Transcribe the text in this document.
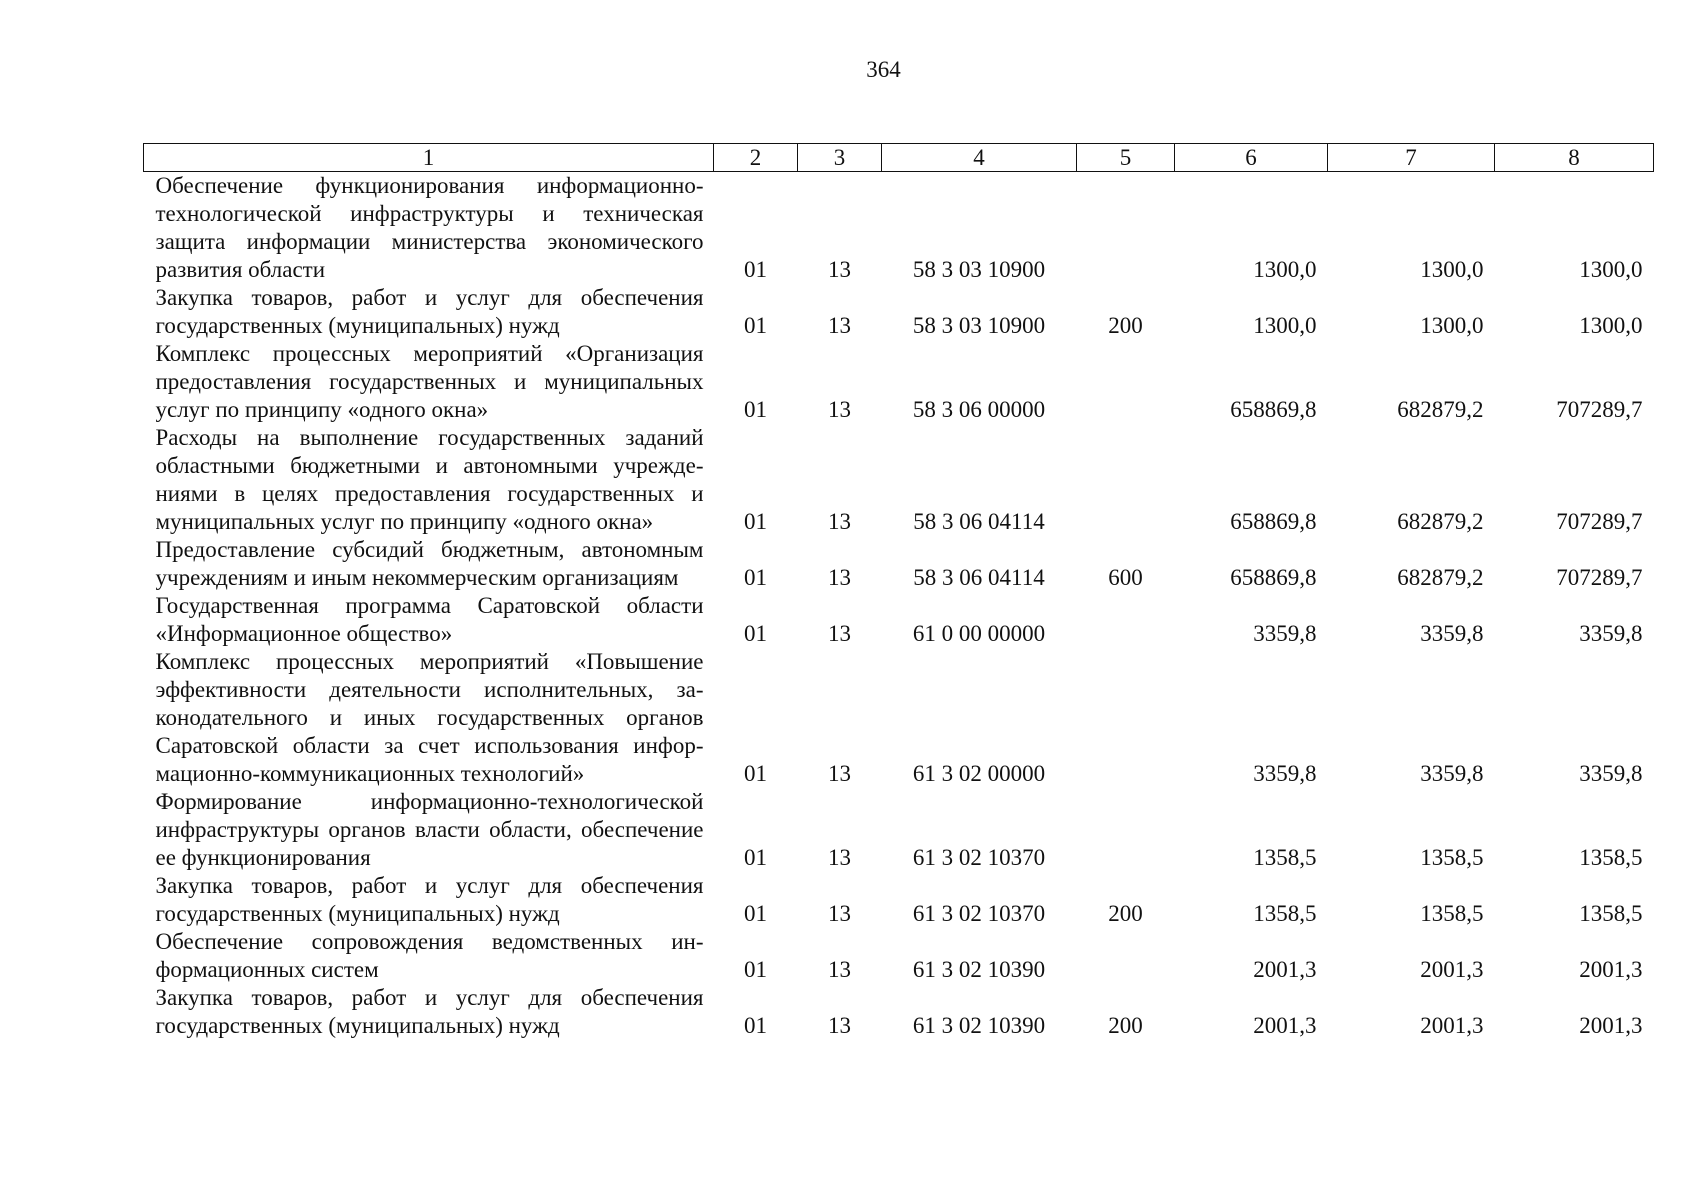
364
1	2	3	4	5	6	7	8
Обеспечение функционирования информационно-технологической инфраструктуры и техническая защита информации министерства экономического развития области	01	13	58 3 03 10900		1300,0	1300,0	1300,0
Закупка товаров, работ и услуг для обеспечения государственных (муниципальных) нужд	01	13	58 3 03 10900	200	1300,0	1300,0	1300,0
Комплекс процессных мероприятий «Организация предоставления государственных и муниципальных услуг по принципу «одного окна»	01	13	58 3 06 00000		658869,8	682879,2	707289,7
Расходы на выполнение государственных заданий областными бюджетными и автономными учреждениями в целях предоставления государственных и муниципальных услуг по принципу «одного окна»	01	13	58 3 06 04114		658869,8	682879,2	707289,7
Предоставление субсидий бюджетным, автономным учреждениям и иным некоммерческим организациям	01	13	58 3 06 04114	600	658869,8	682879,2	707289,7
Государственная программа Саратовской области «Информационное общество»	01	13	61 0 00 00000		3359,8	3359,8	3359,8
Комплекс процессных мероприятий «Повышение эффективности деятельности исполнительных, законодательного и иных государственных органов Саратовской области за счет использования информационно-коммуникационных технологий»	01	13	61 3 02 00000		3359,8	3359,8	3359,8
Формирование информационно-технологической инфраструктуры органов власти области, обеспечение ее функционирования	01	13	61 3 02 10370		1358,5	1358,5	1358,5
Закупка товаров, работ и услуг для обеспечения государственных (муниципальных) нужд	01	13	61 3 02 10370	200	1358,5	1358,5	1358,5
Обеспечение сопровождения ведомственных информационных систем	01	13	61 3 02 10390		2001,3	2001,3	2001,3
Закупка товаров, работ и услуг для обеспечения государственных (муниципальных) нужд	01	13	61 3 02 10390	200	2001,3	2001,3	2001,3
